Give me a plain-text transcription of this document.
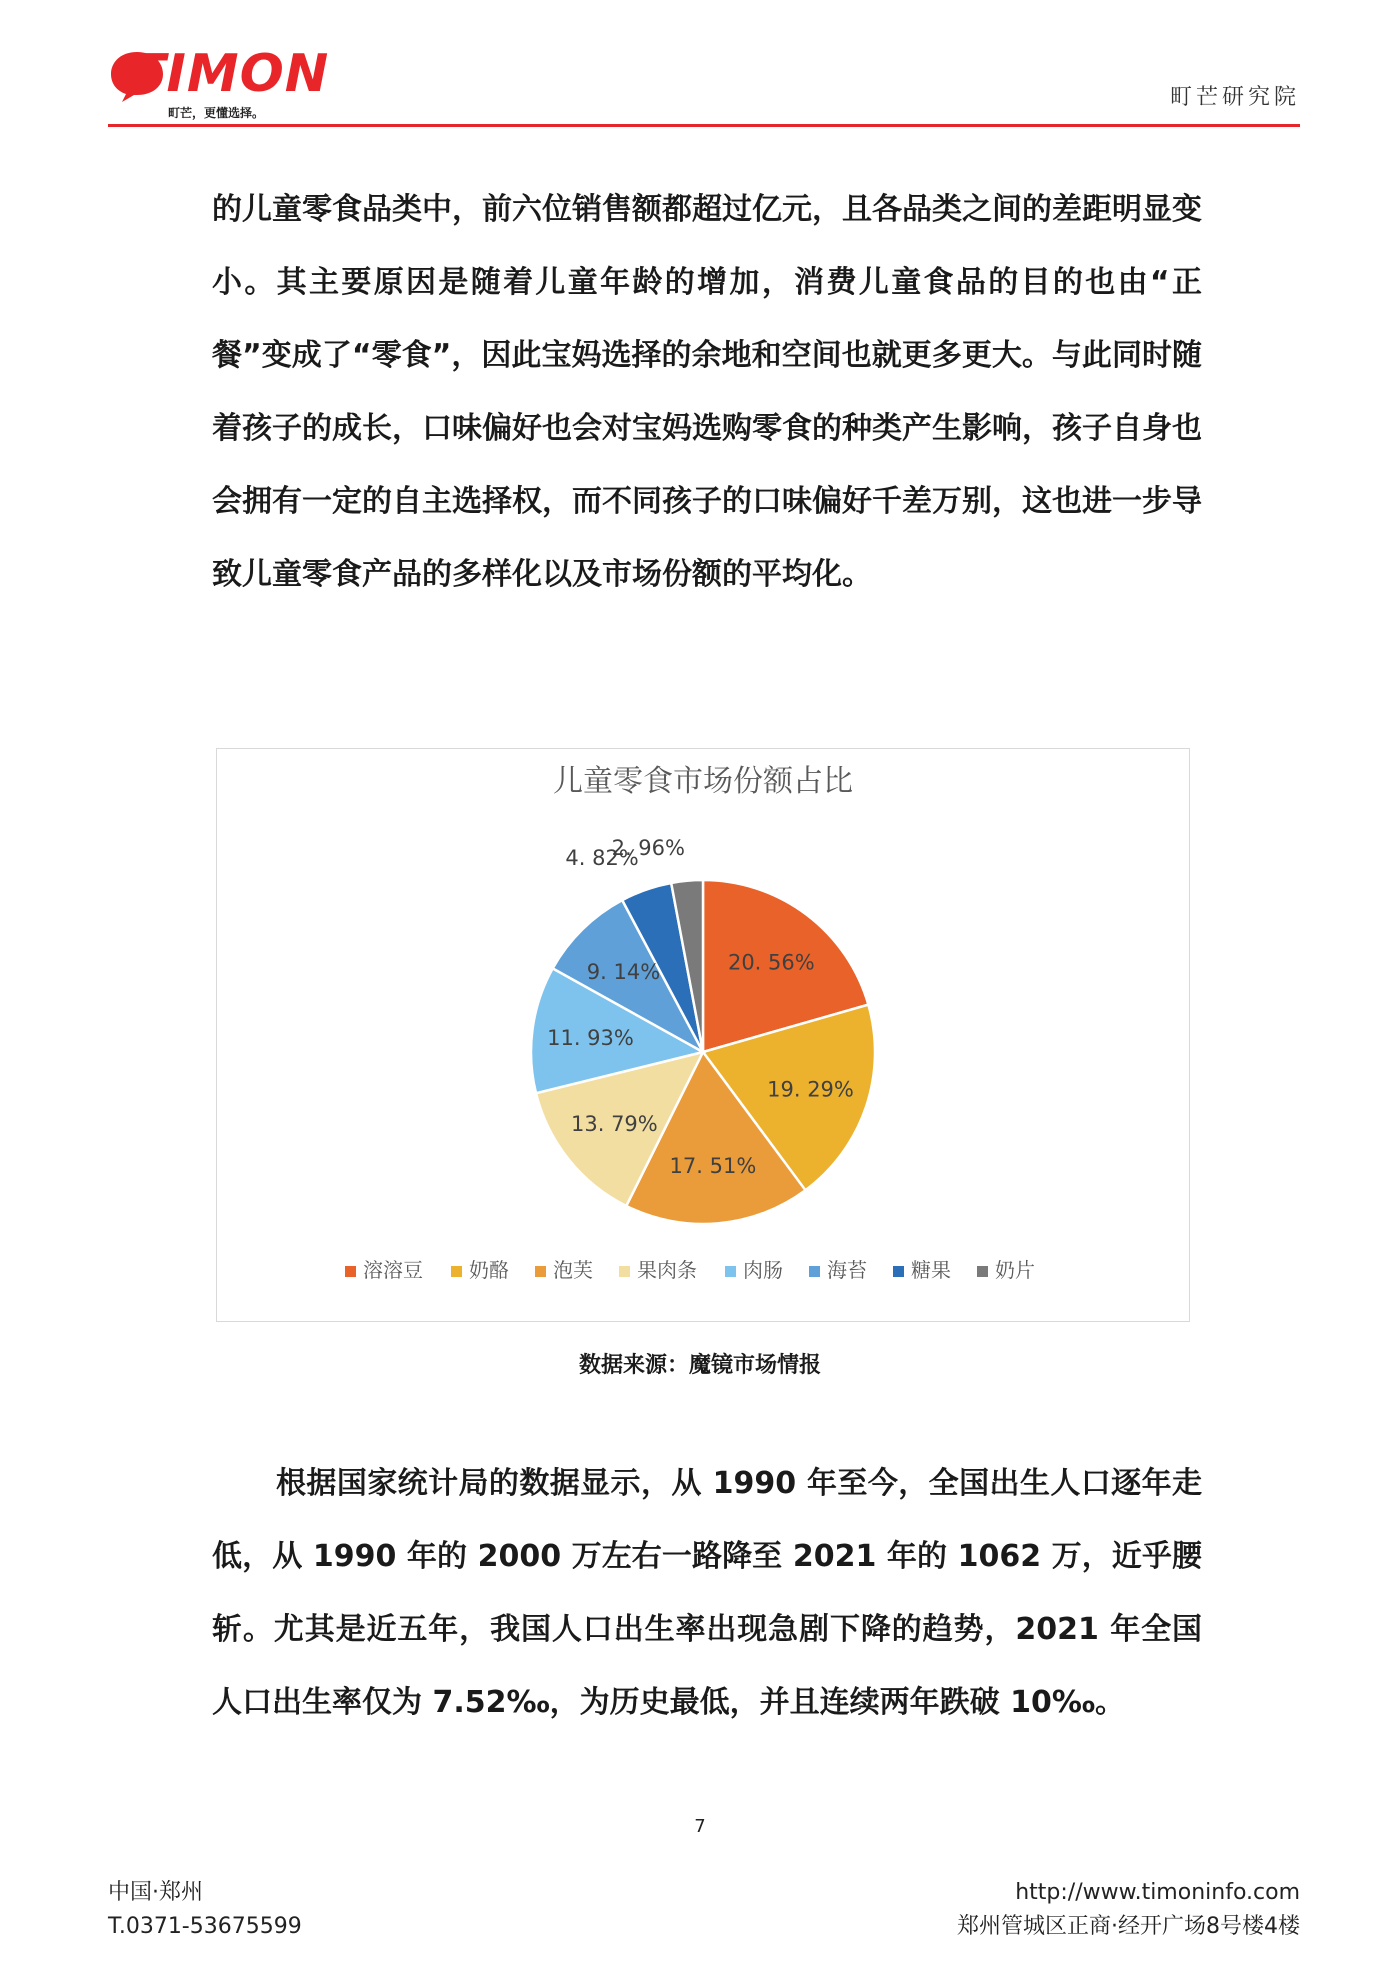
TIMON
町芒，更懂选择。
町芒研究院
的儿童零食品类中，前六位销售额都超过亿元，且各品类之间的差距明显变小。其主要原因是随着儿童年龄的增加，消费儿童食品的目的也由“正餐”变成了“零食”，因此宝妈选择的余地和空间也就更多更大。与此同时随着孩子的成长，口味偏好也会对宝妈选购零食的种类产生影响，孩子自身也会拥有一定的自主选择权，而不同孩子的口味偏好千差万别，这也进一步导致儿童零食产品的多样化以及市场份额的平均化。
儿童零食市场份额占比
20. 56%
19. 29%
17. 51%
13. 79%
11. 93%
9. 14%
4. 82%
2. 96%
溶溶豆 奶酪 泡芙 果肉条 肉肠 海苔 糖果 奶片
数据来源：魔镜市场情报
根据国家统计局的数据显示，从 1990 年至今，全国出生人口逐年走低，从 1990 年的 2000 万左右一路降至 2021 年的 1062 万，近乎腰斩。尤其是近五年，我国人口出生率出现急剧下降的趋势，2021 年全国人口出生率仅为 7.52‰，为历史最低，并且连续两年跌破 10‰。
7
中国·郑州
T.0371-53675599
http://www.timoninfo.com
郑州管城区正商·经开广场8号楼4楼
